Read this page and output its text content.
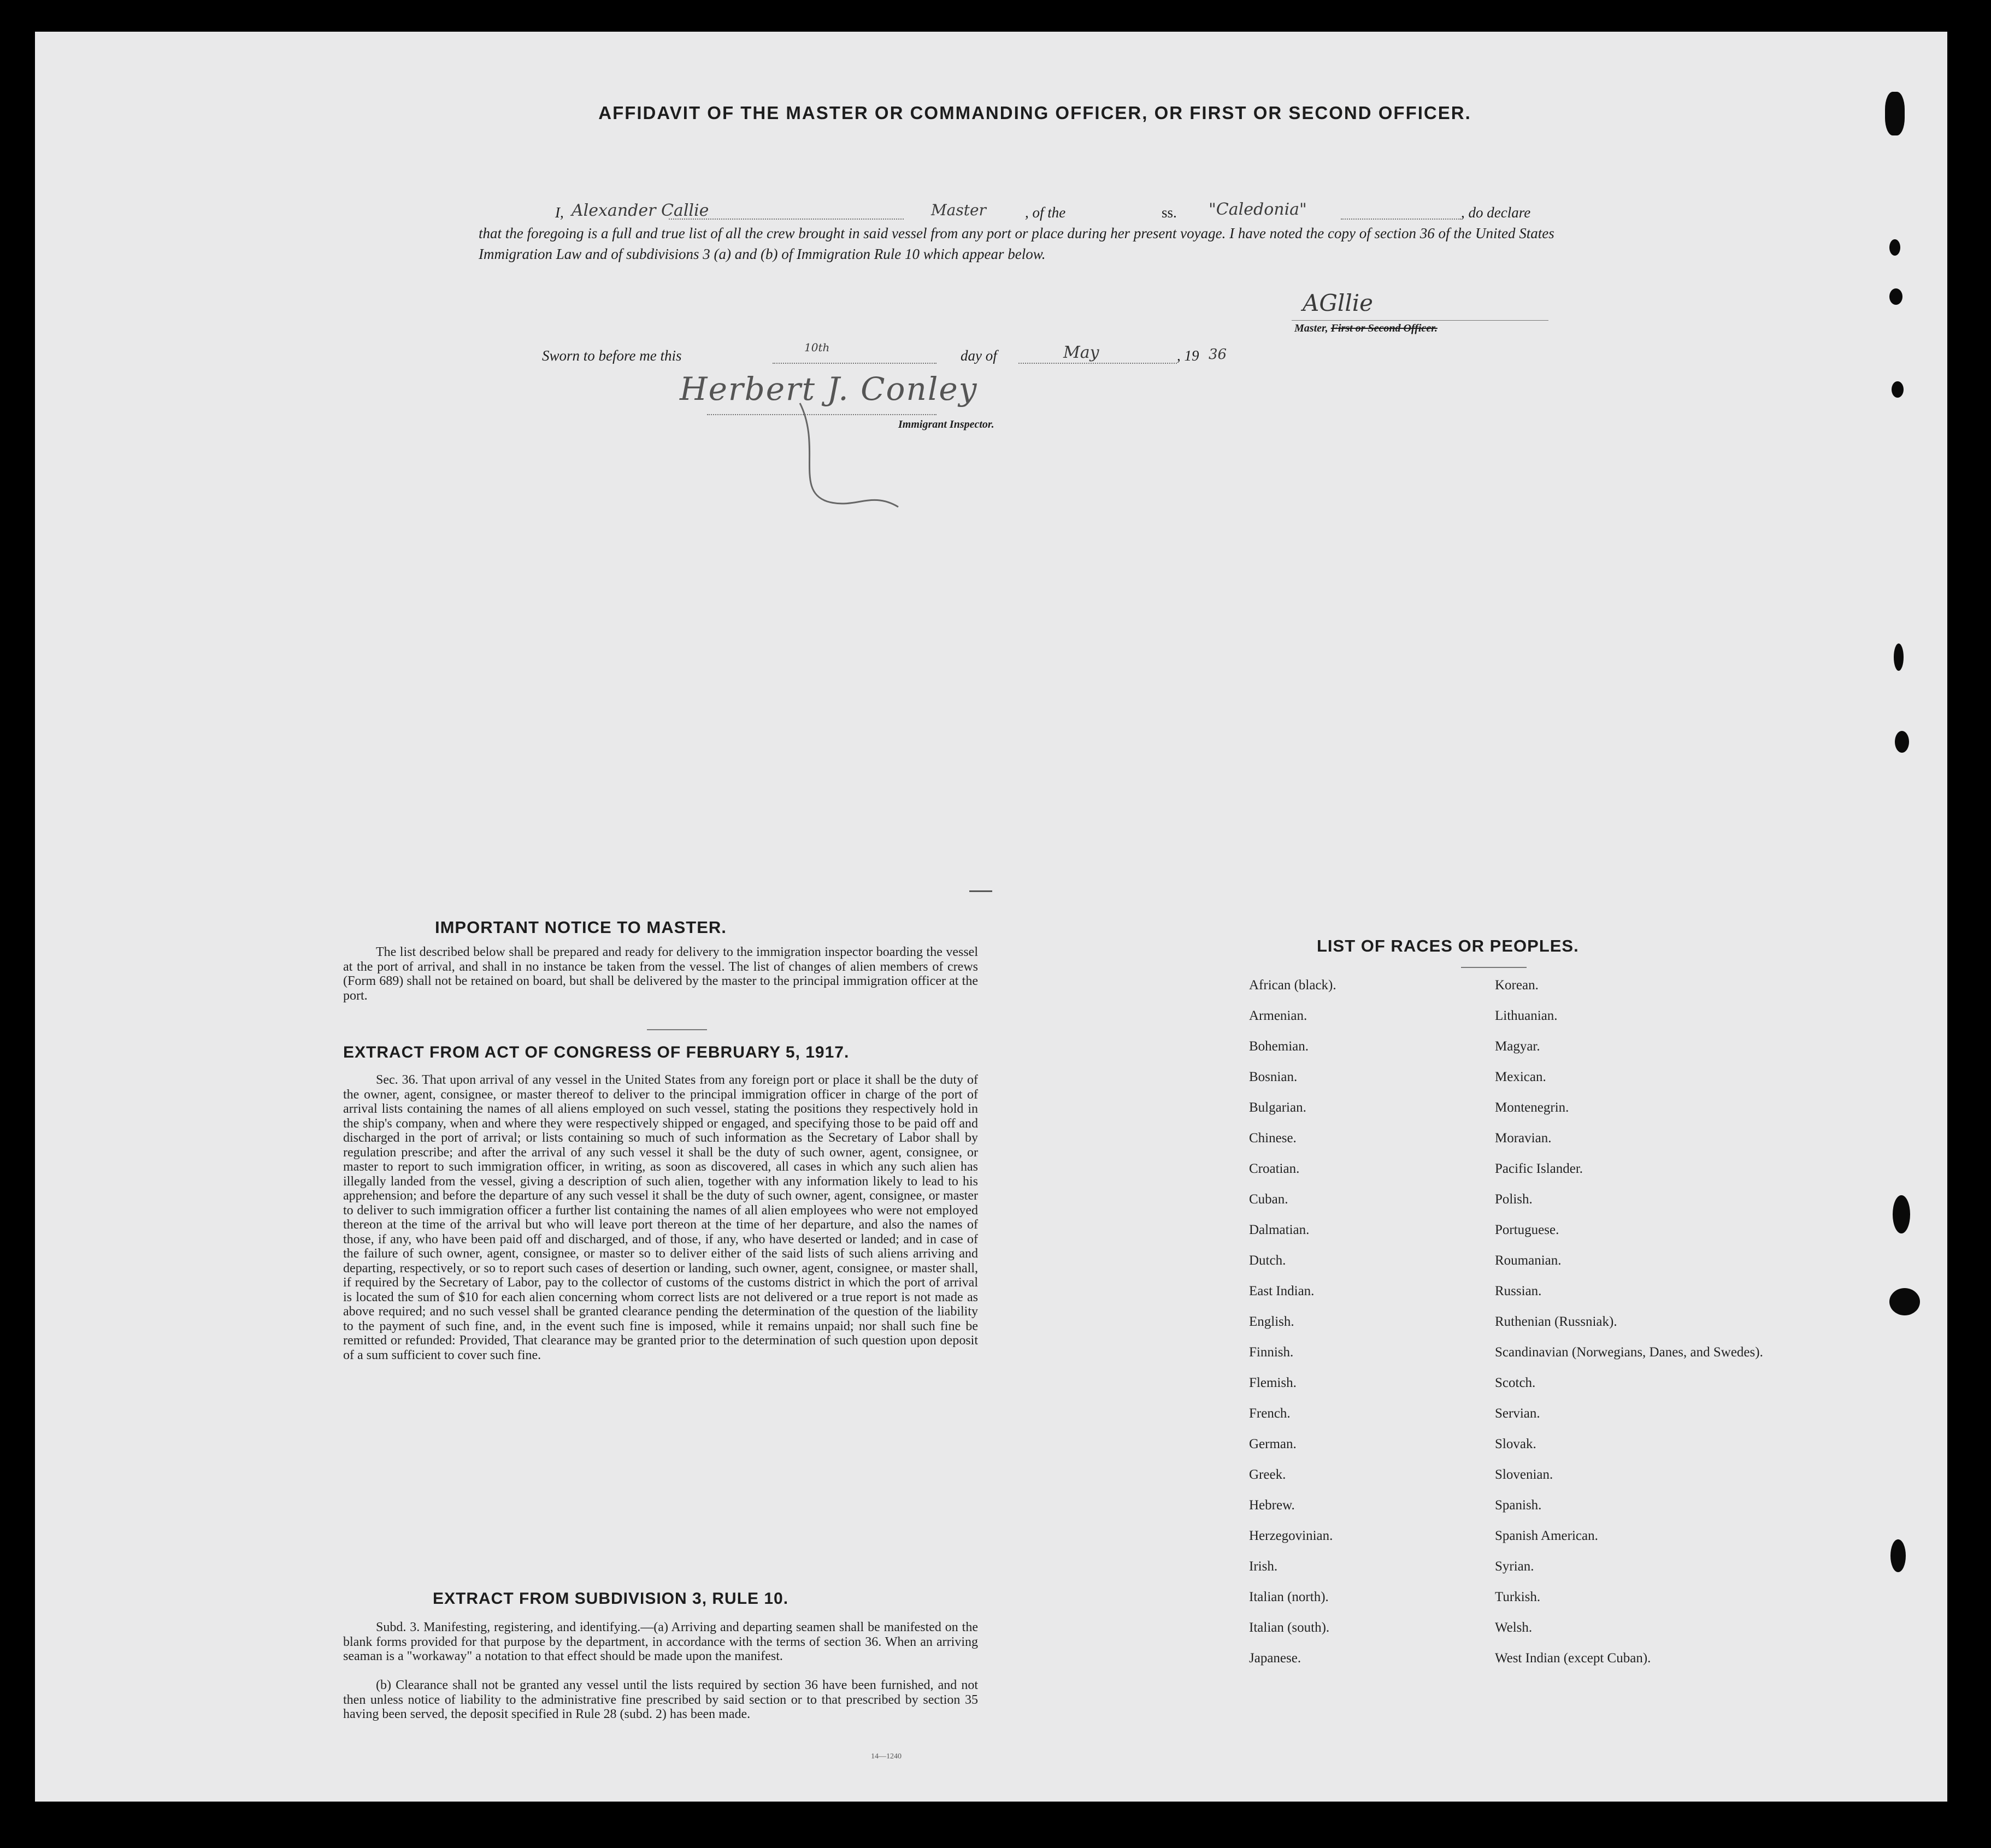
AFFIDAVIT OF THE MASTER OR COMMANDING OFFICER, OR FIRST OR SECOND OFFICER.
I, Alexander Callie	Master	, of the	ss. "Caledonia"	, do declare
that the foregoing is a full and true list of all the crew brought in said vessel from any port or place during her present voyage. I have noted the copy of section 36 of the United States Immigration Law and of subdivisions 3 (a) and (b) of Immigration Rule 10 which appear below.
AGllie
Master, First or Second Officer.
Sworn to before me this	10th	day of	May	, 19 36
Herbert J. Conley
Immigrant Inspector.
IMPORTANT NOTICE TO MASTER.
The list described below shall be prepared and ready for delivery to the immigration inspector boarding the vessel at the port of arrival, and shall in no instance be taken from the vessel. The list of changes of alien members of crews (Form 689) shall not be retained on board, but shall be delivered by the master to the principal immigration officer at the port.
EXTRACT FROM ACT OF CONGRESS OF FEBRUARY 5, 1917.
Sec. 36. That upon arrival of any vessel in the United States from any foreign port or place it shall be the duty of the owner, agent, consignee, or master thereof to deliver to the principal immigration officer in charge of the port of arrival lists containing the names of all aliens employed on such vessel, stating the positions they respectively hold in the ship's company, when and where they were respectively shipped or engaged, and specifying those to be paid off and discharged in the port of arrival; or lists containing so much of such information as the Secretary of Labor shall by regulation prescribe; and after the arrival of any such vessel it shall be the duty of such owner, agent, consignee, or master to report to such immigration officer, in writing, as soon as discovered, all cases in which any such alien has illegally landed from the vessel, giving a description of such alien, together with any information likely to lead to his apprehension; and before the departure of any such vessel it shall be the duty of such owner, agent, consignee, or master to deliver to such immigration officer a further list containing the names of all alien employees who were not employed thereon at the time of the arrival but who will leave port thereon at the time of her departure, and also the names of those, if any, who have been paid off and discharged, and of those, if any, who have deserted or landed; and in case of the failure of such owner, agent, consignee, or master so to deliver either of the said lists of such aliens arriving and departing, respectively, or so to report such cases of desertion or landing, such owner, agent, consignee, or master shall, if required by the Secretary of Labor, pay to the collector of customs of the customs district in which the port of arrival is located the sum of $10 for each alien concerning whom correct lists are not delivered or a true report is not made as above required; and no such vessel shall be granted clearance pending the determination of the question of the liability to the payment of such fine, and, in the event such fine is imposed, while it remains unpaid; nor shall such fine be remitted or refunded: Provided, That clearance may be granted prior to the determination of such question upon deposit of a sum sufficient to cover such fine.
EXTRACT FROM SUBDIVISION 3, RULE 10.
Subd. 3. Manifesting, registering, and identifying.—(a) Arriving and departing seamen shall be manifested on the blank forms provided for that purpose by the department, in accordance with the terms of section 36. When an arriving seaman is a "workaway" a notation to that effect should be made upon the manifest.
(b) Clearance shall not be granted any vessel until the lists required by section 36 have been furnished, and not then unless notice of liability to the administrative fine prescribed by said section or to that prescribed by section 35 having been served, the deposit specified in Rule 28 (subd. 2) has been made.
14—1240
LIST OF RACES OR PEOPLES.
African (black).	Korean.
Armenian.	Lithuanian.
Bohemian.	Magyar.
Bosnian.	Mexican.
Bulgarian.	Montenegrin.
Chinese.	Moravian.
Croatian.	Pacific Islander.
Cuban.	Polish.
Dalmatian.	Portuguese.
Dutch.	Roumanian.
East Indian.	Russian.
English.	Ruthenian (Russniak).
Finnish.	Scandinavian (Norwegians, Danes, and Swedes).
Flemish.	Scotch.
French.	Servian.
German.	Slovak.
Greek.	Slovenian.
Hebrew.	Spanish.
Herzegovinian.	Spanish American.
Irish.	Syrian.
Italian (north).	Turkish.
Italian (south).	Welsh.
Japanese.	West Indian (except Cuban).
